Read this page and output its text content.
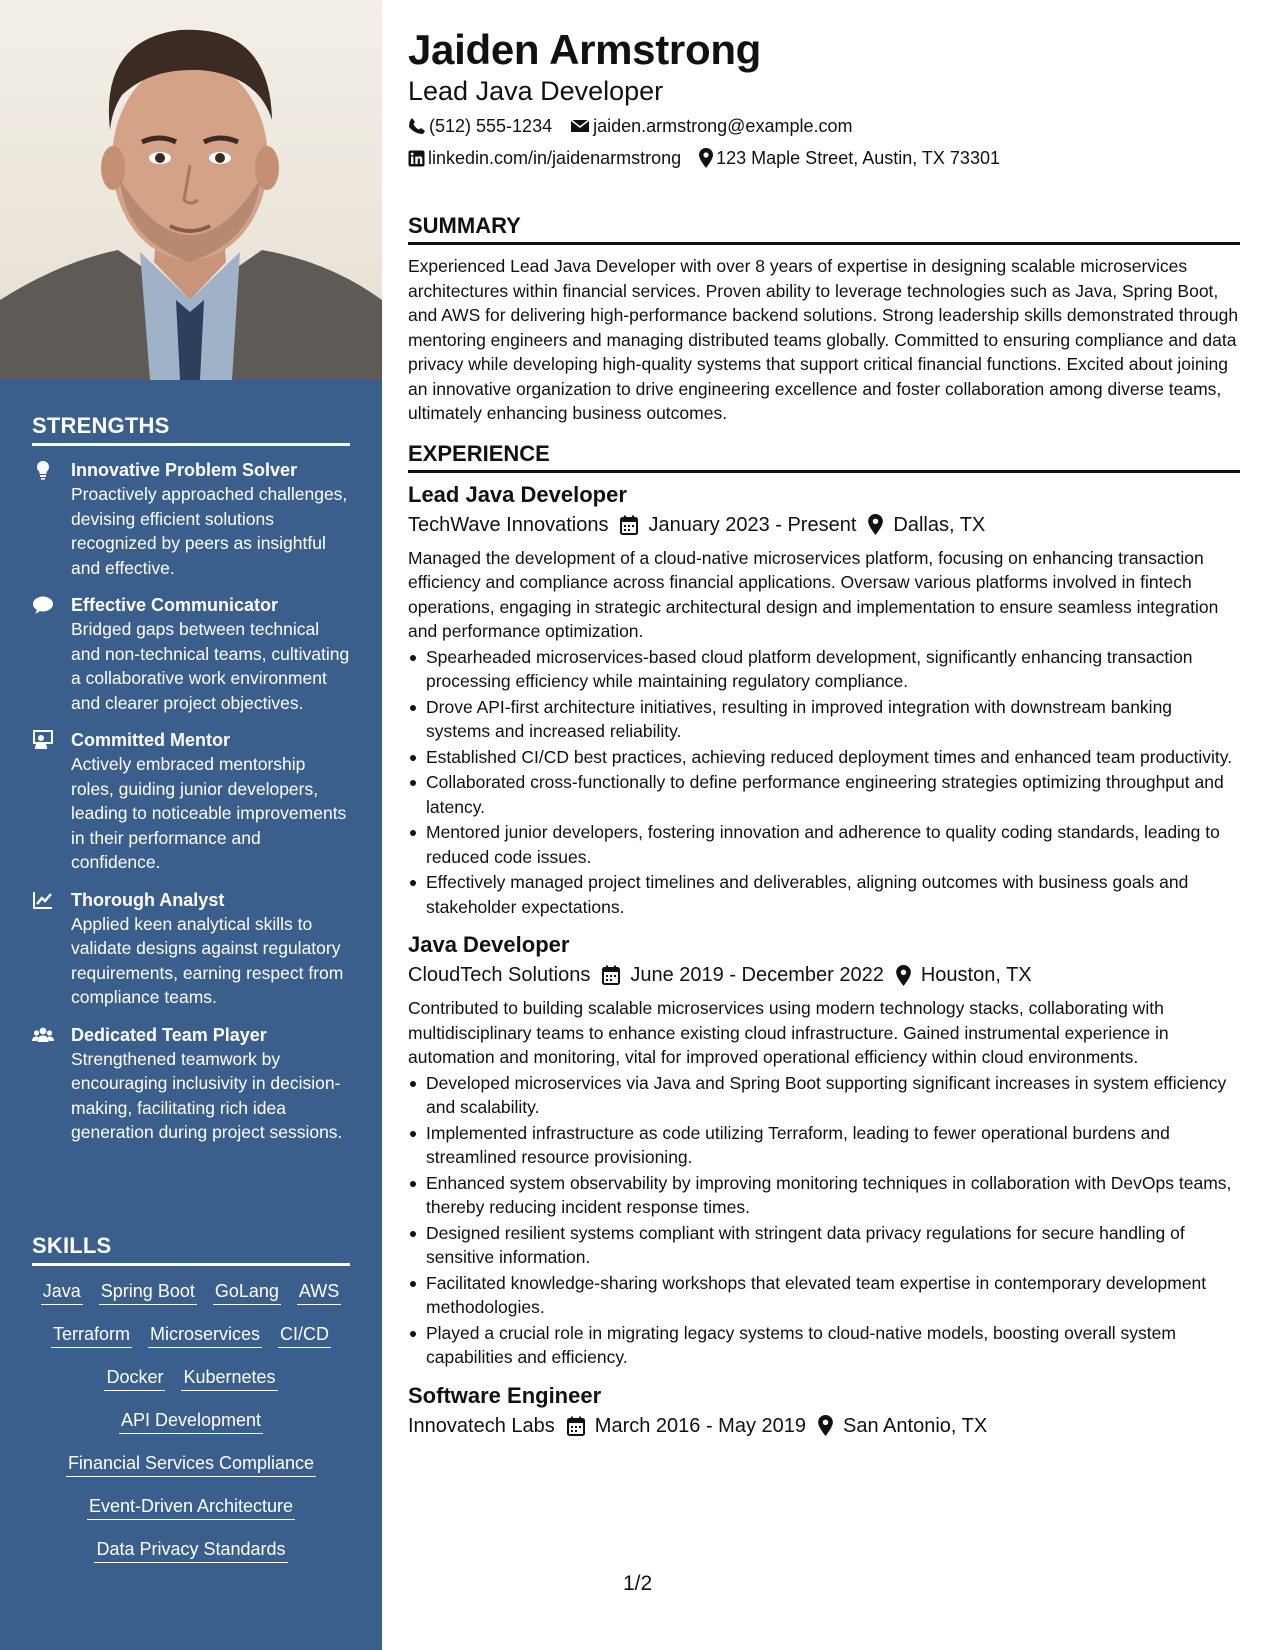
STRENGTHS
Innovative Problem Solver
Proactively approached challenges, devising efficient solutions recognized by peers as insightful and effective.
Effective Communicator
Bridged gaps between technical and non-technical teams, cultivating a collaborative work environment and clearer project objectives.
Committed Mentor
Actively embraced mentorship roles, guiding junior developers, leading to noticeable improvements in their performance and confidence.
Thorough Analyst
Applied keen analytical skills to validate designs against regulatory requirements, earning respect from compliance teams.
Dedicated Team Player
Strengthened teamwork by encouraging inclusivity in decision-making, facilitating rich idea generation during project sessions.
SKILLS
Java Spring Boot GoLang AWS
Terraform Microservices CI/CD
Docker Kubernetes
API Development
Financial Services Compliance
Event-Driven Architecture
Data Privacy Standards
Jaiden Armstrong
Lead Java Developer
(512) 555-1234 jaiden.armstrong@example.com
linkedin.com/in/jaidenarmstrong 123 Maple Street, Austin, TX 73301
SUMMARY
Experienced Lead Java Developer with over 8 years of expertise in designing scalable microservices architectures within financial services. Proven ability to leverage technologies such as Java, Spring Boot, and AWS for delivering high-performance backend solutions. Strong leadership skills demonstrated through mentoring engineers and managing distributed teams globally. Committed to ensuring compliance and data privacy while developing high-quality systems that support critical financial functions. Excited about joining an innovative organization to drive engineering excellence and foster collaboration among diverse teams, ultimately enhancing business outcomes.
EXPERIENCE
Lead Java Developer
TechWave Innovations January 2023 - Present Dallas, TX
Managed the development of a cloud-native microservices platform, focusing on enhancing transaction efficiency and compliance across financial applications. Oversaw various platforms involved in fintech operations, engaging in strategic architectural design and implementation to ensure seamless integration and performance optimization.
Spearheaded microservices-based cloud platform development, significantly enhancing transaction processing efficiency while maintaining regulatory compliance.
Drove API-first architecture initiatives, resulting in improved integration with downstream banking systems and increased reliability.
Established CI/CD best practices, achieving reduced deployment times and enhanced team productivity.
Collaborated cross-functionally to define performance engineering strategies optimizing throughput and latency.
Mentored junior developers, fostering innovation and adherence to quality coding standards, leading to reduced code issues.
Effectively managed project timelines and deliverables, aligning outcomes with business goals and stakeholder expectations.
Java Developer
CloudTech Solutions June 2019 - December 2022 Houston, TX
Contributed to building scalable microservices using modern technology stacks, collaborating with multidisciplinary teams to enhance existing cloud infrastructure. Gained instrumental experience in automation and monitoring, vital for improved operational efficiency within cloud environments.
Developed microservices via Java and Spring Boot supporting significant increases in system efficiency and scalability.
Implemented infrastructure as code utilizing Terraform, leading to fewer operational burdens and streamlined resource provisioning.
Enhanced system observability by improving monitoring techniques in collaboration with DevOps teams, thereby reducing incident response times.
Designed resilient systems compliant with stringent data privacy regulations for secure handling of sensitive information.
Facilitated knowledge-sharing workshops that elevated team expertise in contemporary development methodologies.
Played a crucial role in migrating legacy systems to cloud-native models, boosting overall system capabilities and efficiency.
Software Engineer
Innovatech Labs March 2016 - May 2019 San Antonio, TX
1/2
